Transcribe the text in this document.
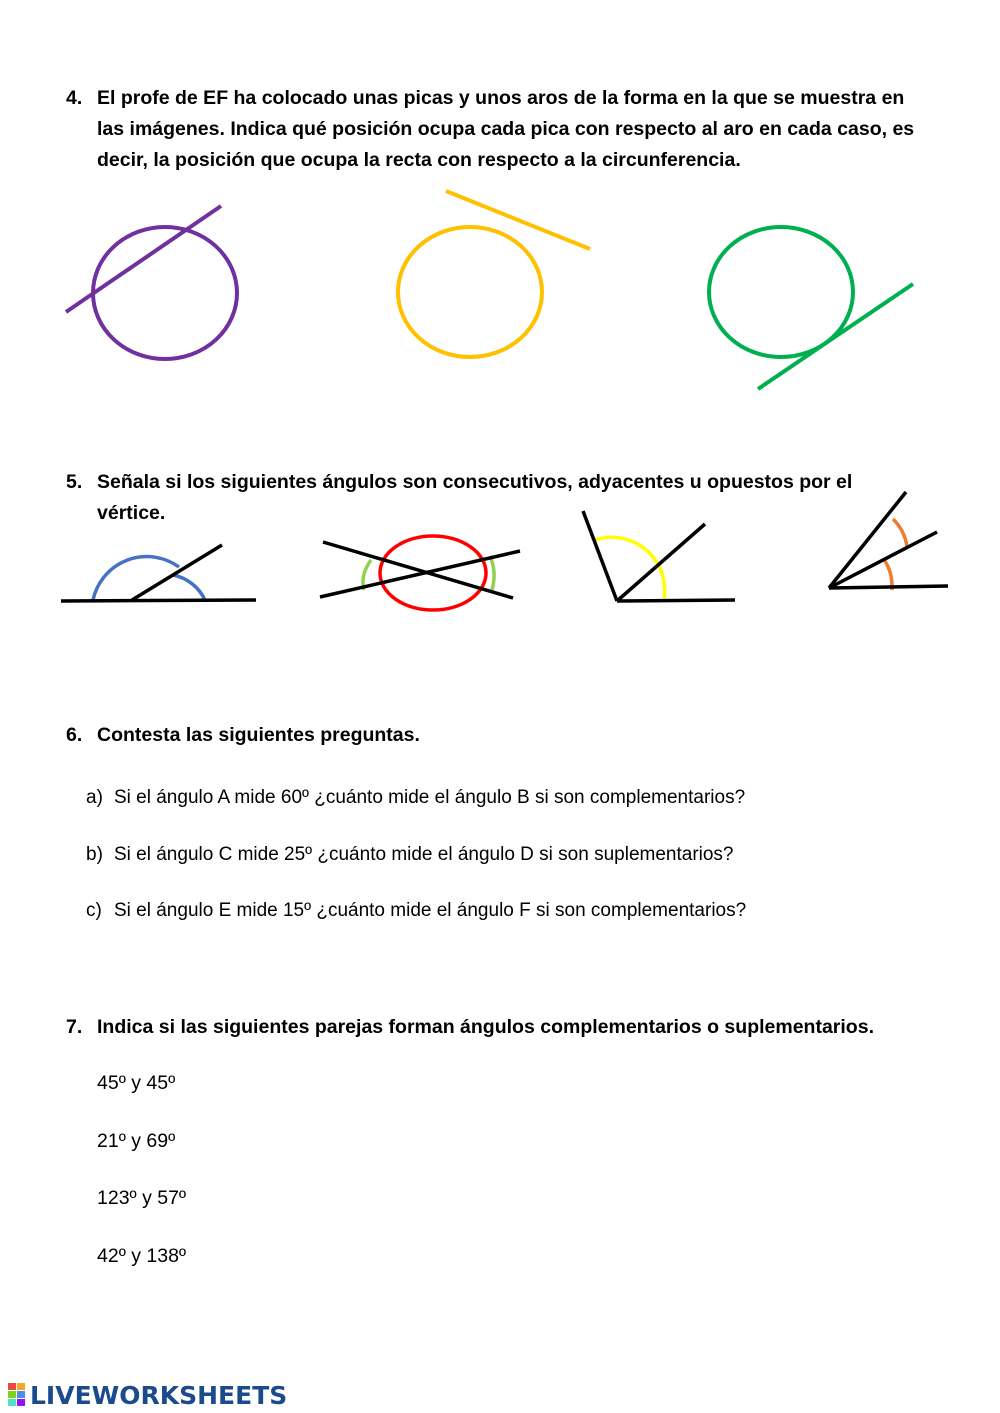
4. El profe de EF ha colocado unas picas y unos aros de la forma en la que se muestra en las imágenes. Indica qué posición ocupa cada pica con respecto al aro en cada caso, es decir, la posición que ocupa la recta con respecto a la circunferencia.
5. Señala si los siguientes ángulos son consecutivos, adyacentes u opuestos por el vértice.
6. Contesta las siguientes preguntas.
a) Si el ángulo A mide 60º ¿cuánto mide el ángulo B si son complementarios?
b) Si el ángulo C mide 25º ¿cuánto mide el ángulo D si son suplementarios?
c) Si el ángulo E mide 15º ¿cuánto mide el ángulo F si son complementarios?
7. Indica si las siguientes parejas forman ángulos complementarios o suplementarios.
45º y 45º
21º y 69º
123º y 57º
42º y 138º
LIVEWORKSHEETS
